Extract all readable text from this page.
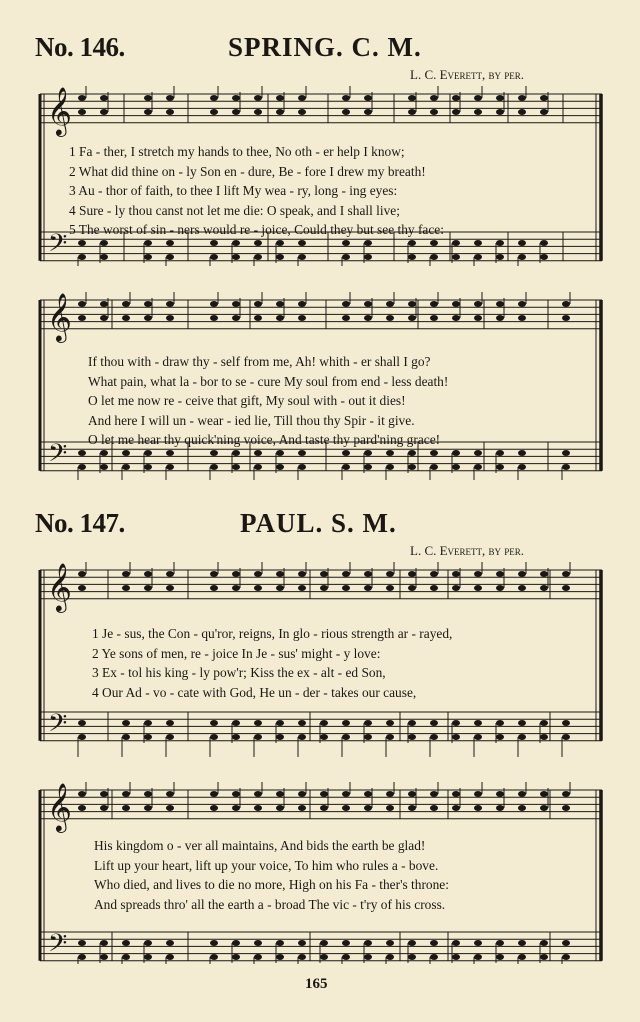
No. 146.	SPRING. C. M.
L. C. Everett, by per.
𝄞
𝄢
1 Fa - ther, I stretch my hands to thee, No oth - er help I know;
2 What did thine on - ly Son en - dure, Be - fore I drew my breath!
3 Au - thor of faith, to thee I lift My wea - ry, long - ing eyes:
4 Sure - ly thou canst not let me die: O speak, and I shall live;
5 The worst of sin - ners would re - joice, Could they but see thy face:
𝄞
𝄢
If thou with - draw thy - self from me, Ah! whith - er shall I go?
What pain, what la - bor to se - cure My soul from end - less death!
O let me now re - ceive that gift, My soul with - out it dies!
And here I will un - wear - ied lie, Till thou thy Spir - it give.
O let me hear thy quick'ning voice, And taste thy pard'ning grace!
No. 147.	PAUL. S. M.
L. C. Everett, by per.
𝄞
𝄢
1 Je - sus, the Con - qu'ror, reigns, In glo - rious strength ar - rayed,
2 Ye sons of men, re - joice In Je - sus' might - y love:
3 Ex - tol his king - ly pow'r; Kiss the ex - alt - ed Son,
4 Our Ad - vo - cate with God, He un - der - takes our cause,
𝄞
𝄢
His kingdom o - ver all maintains, And bids the earth be glad!
Lift up your heart, lift up your voice, To him who rules a - bove.
Who died, and lives to die no more, High on his Fa - ther's throne:
And spreads thro' all the earth a - broad The vic - t'ry of his cross.
165
